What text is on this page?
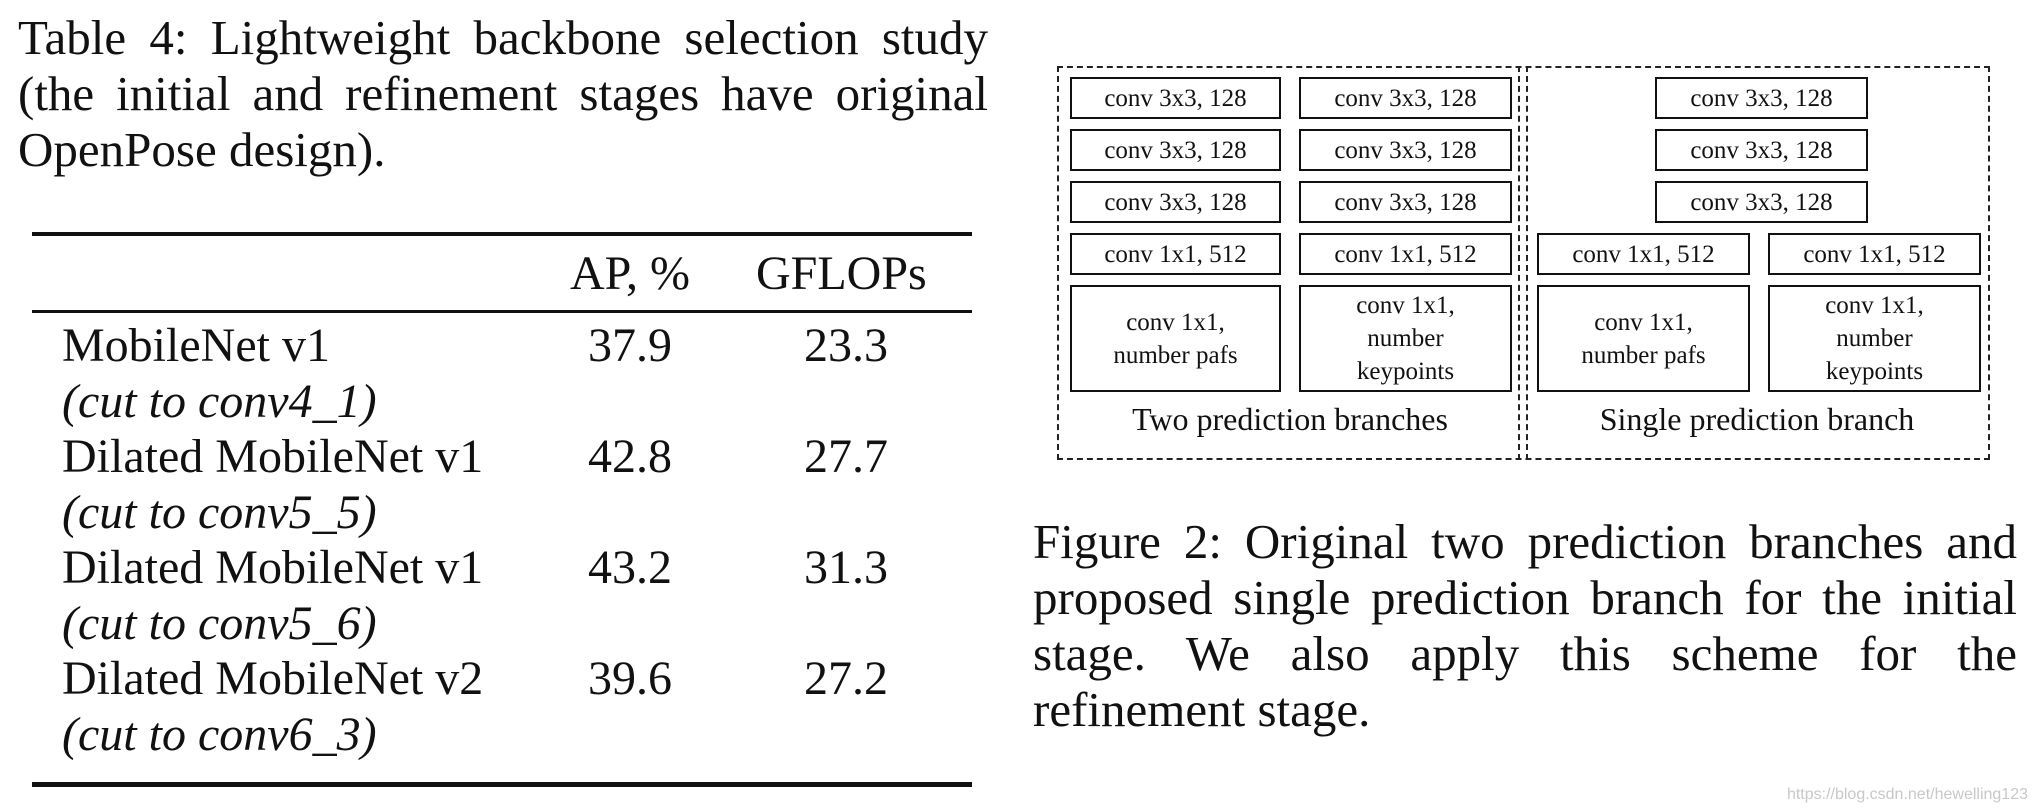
Table 4: Lightweight backbone selection study (the initial and refinement stages have original OpenPose design).
AP, % GFLOPs
MobileNet v1
(cut to conv4_1)
37.9	23.3
Dilated MobileNet v1
(cut to conv5_5)
42.8	27.7
Dilated MobileNet v1
(cut to conv5_6)
43.2	31.3
Dilated MobileNet v2
(cut to conv6_3)
39.6	27.2
conv 3x3, 128
conv 3x3, 128
conv 3x3, 128
conv 1x1, 512
conv 1x1,
number pafs
conv 3x3, 128
conv 3x3, 128
conv 3x3, 128
conv 1x1, 512
conv 1x1,
number
keypoints
Two prediction branches
conv 3x3, 128
conv 3x3, 128
conv 3x3, 128
conv 1x1, 512
conv 1x1,
number pafs
conv 1x1, 512
conv 1x1,
number
keypoints
Single prediction branch
Figure 2: Original two prediction branches and proposed single prediction branch for the initial stage. We also apply this scheme for the refinement stage.
https://blog.csdn.net/hewelling123
